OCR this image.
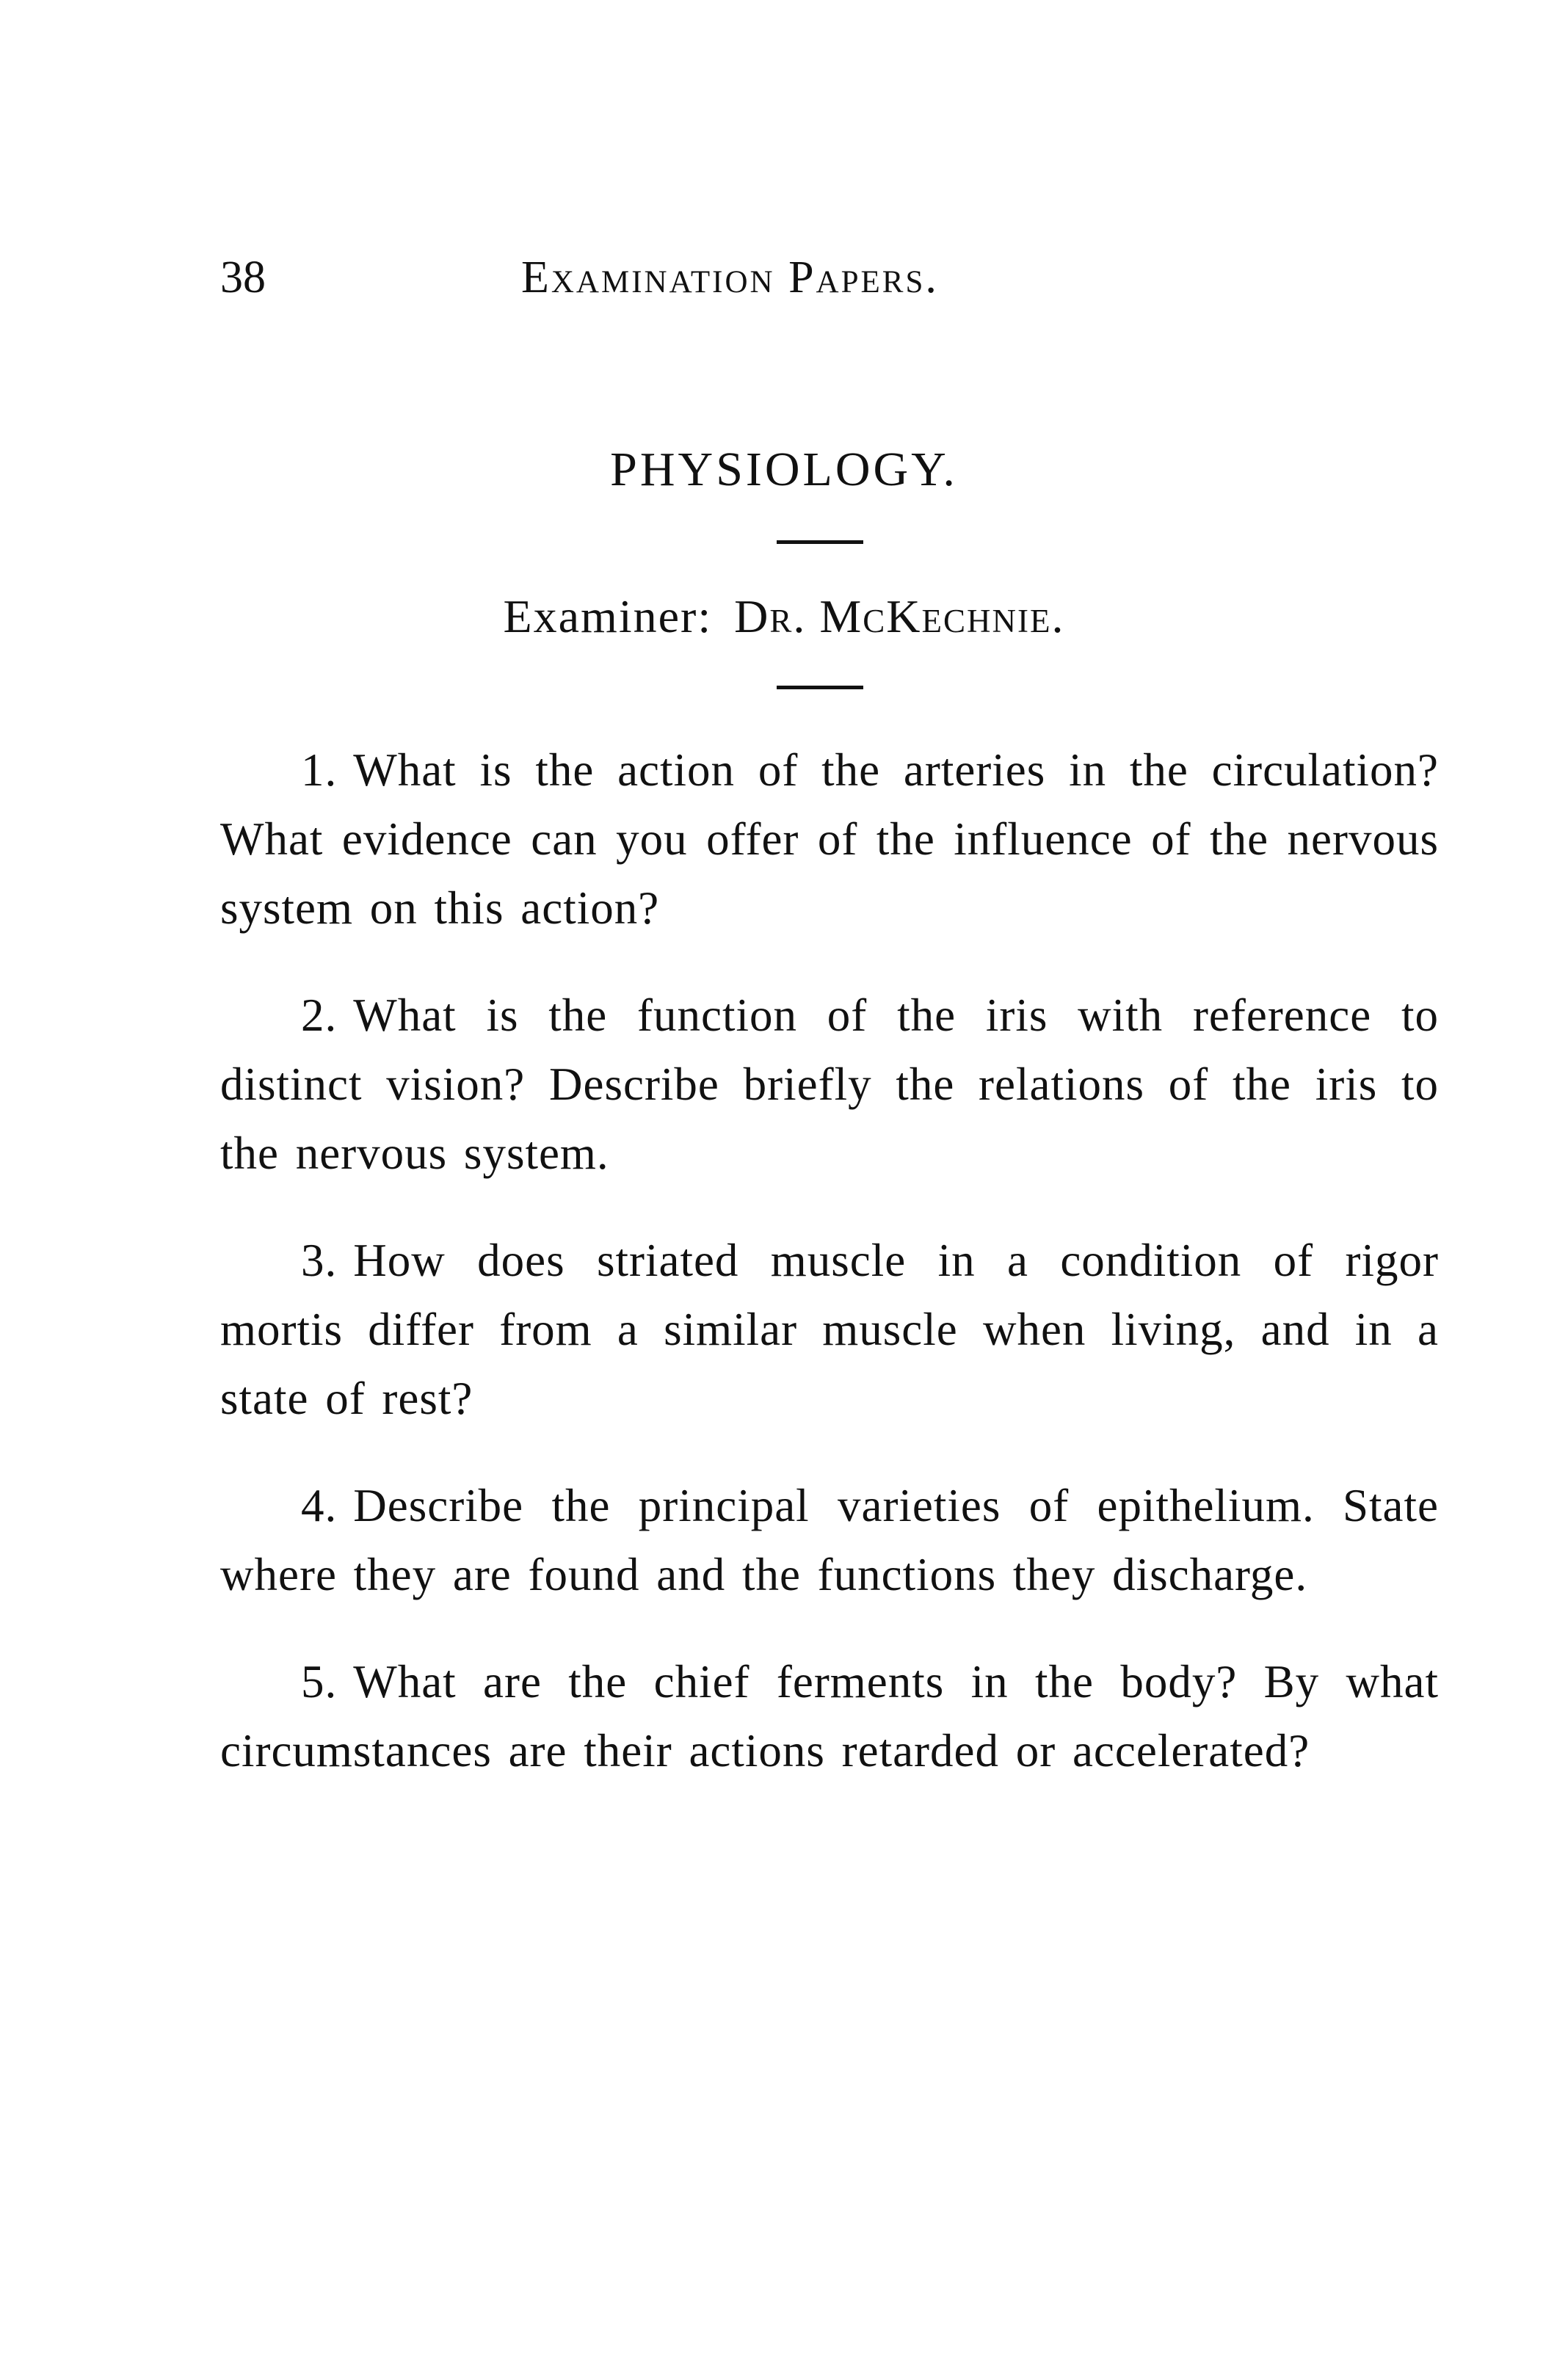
38	Examination Papers.
PHYSIOLOGY.
Examiner: Dr. McKechnie.

1. What is the action of the arteries in the circulation? What evidence can you offer of the influence of the nervous system on this action?

2. What is the function of the iris with reference to distinct vision? Describe briefly the relations of the iris to the nervous system.

3. How does striated muscle in a condition of rigor mortis differ from a similar muscle when living, and in a state of rest?

4. Describe the principal varieties of epithelium. State where they are found and the functions they discharge.

5. What are the chief ferments in the body? By what circumstances are their actions retarded or accelerated?
